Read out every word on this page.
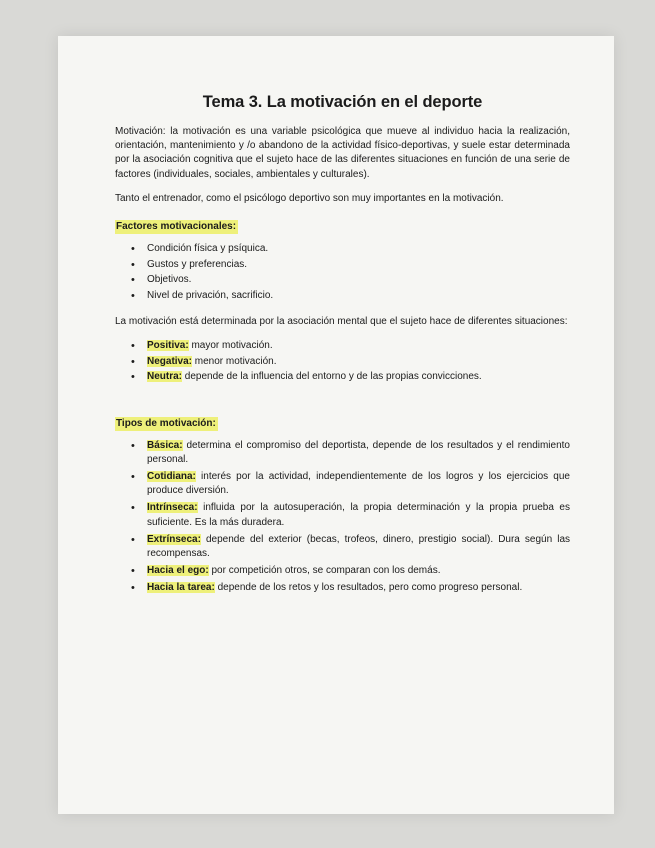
Tema 3. La motivación en el deporte

Motivación: la motivación es una variable psicológica que mueve al individuo hacia la realización, orientación, mantenimiento y /o abandono de la actividad físico-deportivas, y suele estar determinada por la asociación cognitiva que el sujeto hace de las diferentes situaciones en función de una serie de factores (individuales, sociales, ambientales y culturales).

Tanto el entrenador, como el psicólogo deportivo son muy importantes en la motivación.

Factores motivacionales:
• Condición física y psíquica.
• Gustos y preferencias.
• Objetivos.
• Nivel de privación, sacrificio.

La motivación está determinada por la asociación mental que el sujeto hace de diferentes situaciones:

• Positiva: mayor motivación.
• Negativa: menor motivación.
• Neutra: depende de la influencia del entorno y de las propias convicciones.
Tipos de motivación:
• Básica: determina el compromiso del deportista, depende de los resultados y el rendimiento personal.
• Cotidiana: interés por la actividad, independientemente de los logros y los ejercicios que produce diversión.
• Intrínseca: influida por la autosuperación, la propia determinación y la propia prueba es suficiente. Es la más duradera.
• Extrínseca: depende del exterior (becas, trofeos, dinero, prestigio social). Dura según las recompensas.
• Hacia el ego: por competición otros, se comparan con los demás.
• Hacia la tarea: depende de los retos y los resultados, pero como progreso personal.
